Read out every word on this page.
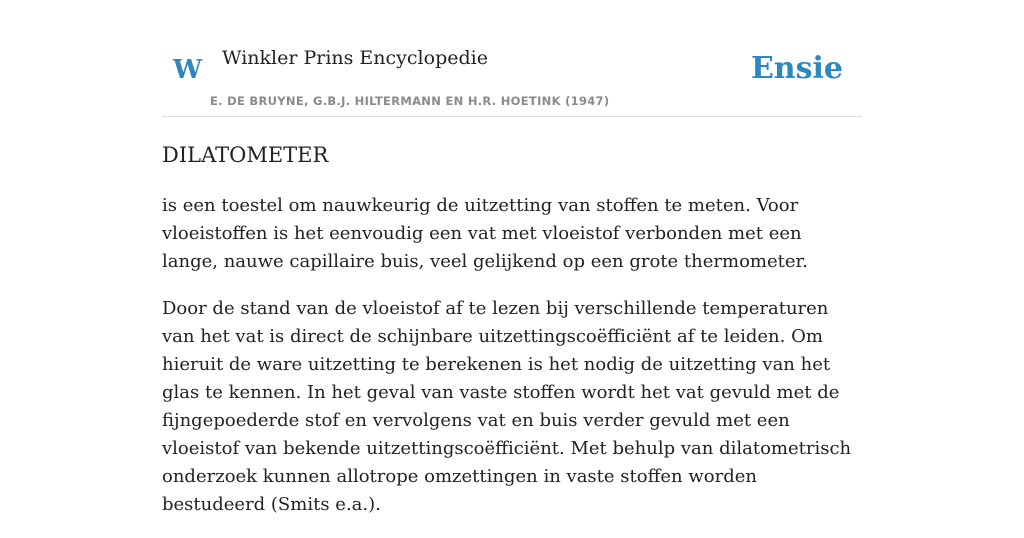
W Winkler Prins Encyclopedie
E. DE BRUYNE, G.B.J. HILTERMANN EN H.R. HOETINK (1947)
Ensie
DILATOMETER

is een toestel om nauwkeurig de uitzetting van stoffen te meten. Voor vloeistoffen is het eenvoudig een vat met vloeistof verbonden met een lange, nauwe capillaire buis, veel gelijkend op een grote thermometer.

Door de stand van de vloeistof af te lezen bij verschillende temperaturen van het vat is direct de schijnbare uitzettingscoëfficiënt af te leiden. Om hieruit de ware uitzetting te berekenen is het nodig de uitzetting van het glas te kennen. In het geval van vaste stoffen wordt het vat gevuld met de fijngepoederde stof en vervolgens vat en buis verder gevuld met een vloeistof van bekende uitzettingscoëfficiënt. Met behulp van dilatometrisch onderzoek kunnen allotrope omzettingen in vaste stoffen worden bestudeerd (Smits e.a.).
